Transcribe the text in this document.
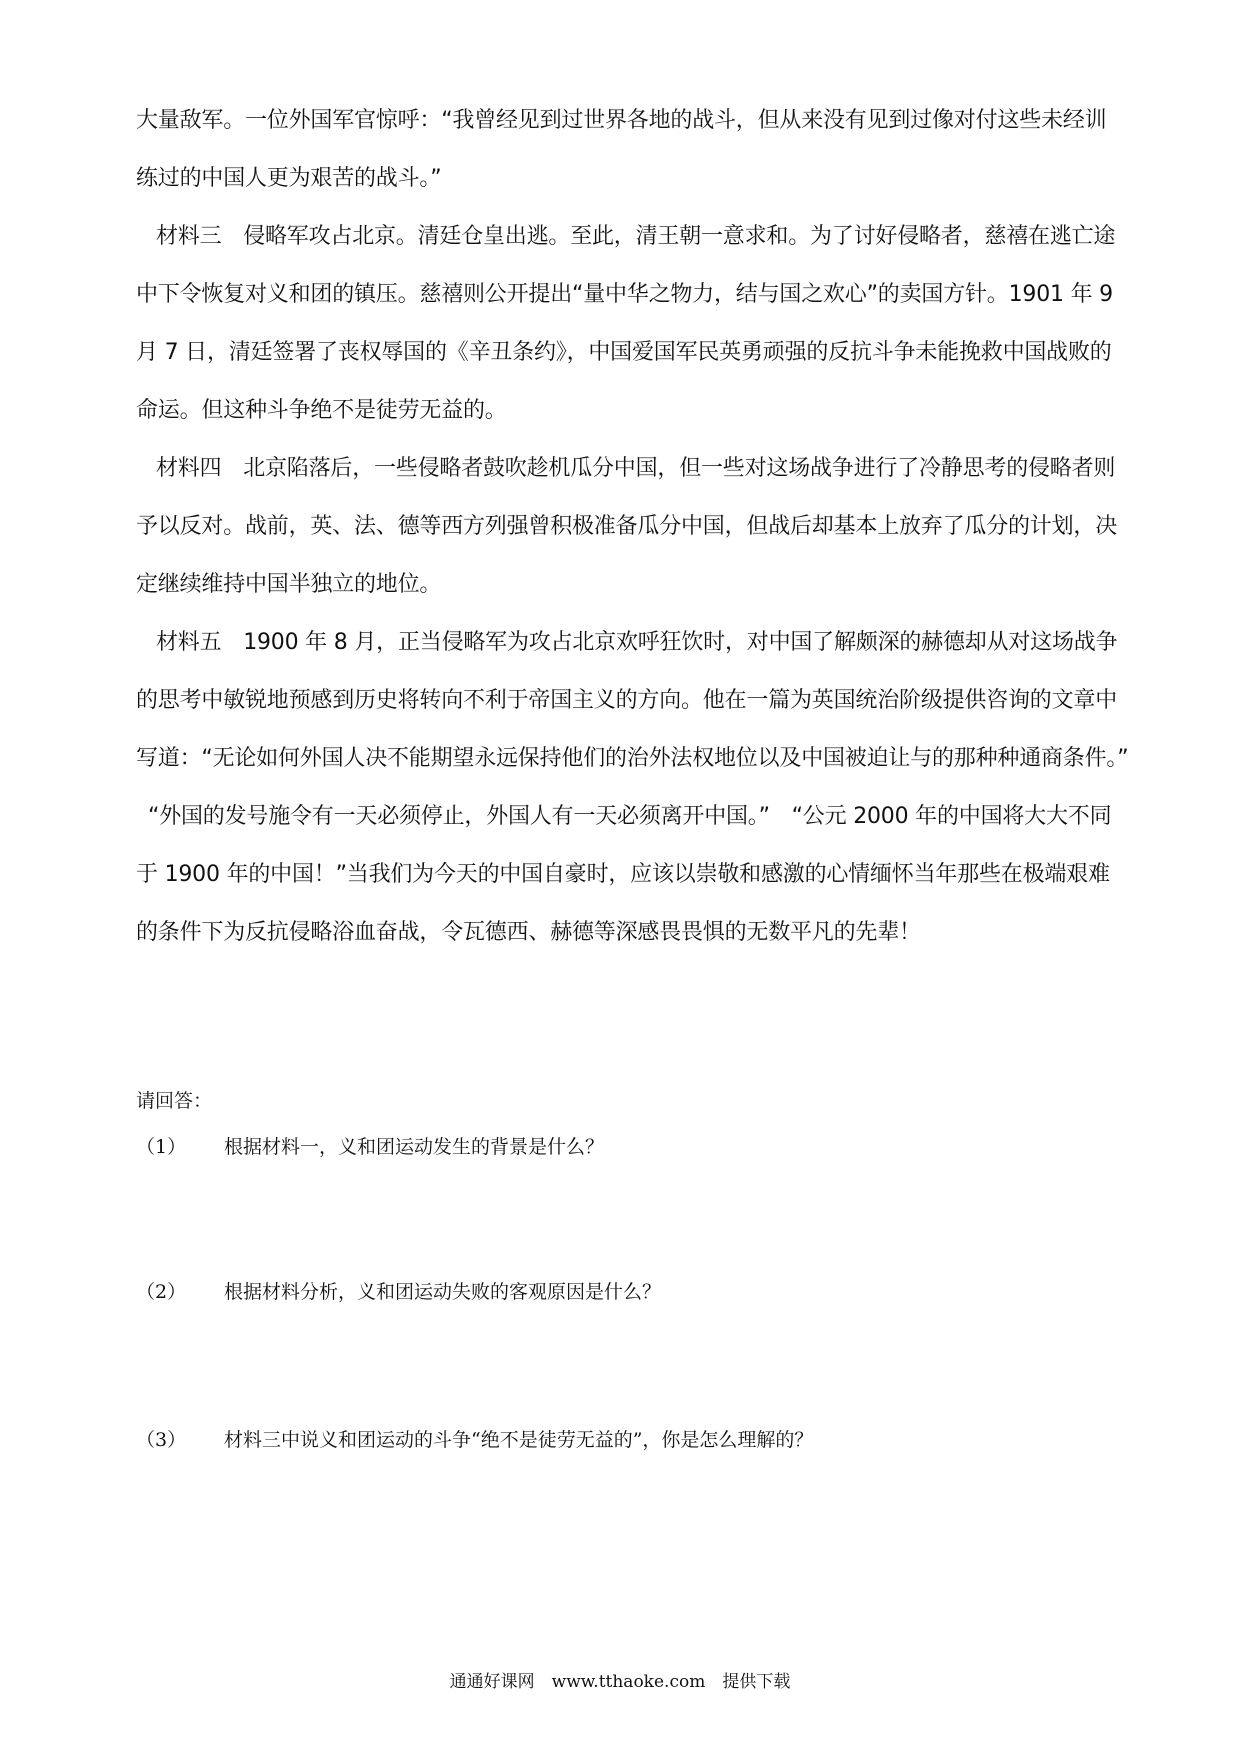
大量敌军。一位外国军官惊呼：“我曾经见到过世界各地的战斗，但从来没有见到过像对付这些未经训
练过的中国人更为艰苦的战斗。”
材料三　侵略军攻占北京。清廷仓皇出逃。至此，清王朝一意求和。为了讨好侵略者，慈禧在逃亡途
中下令恢复对义和团的镇压。慈禧则公开提出“量中华之物力，结与国之欢心”的卖国方针。1901 年 9
月 7 日，清廷签署了丧权辱国的《辛丑条约》，中国爱国军民英勇顽强的反抗斗争未能挽救中国战败的
命运。但这种斗争绝不是徒劳无益的。
材料四　北京陷落后，一些侵略者鼓吹趁机瓜分中国，但一些对这场战争进行了冷静思考的侵略者则
予以反对。战前，英、法、德等西方列强曾积极准备瓜分中国，但战后却基本上放弃了瓜分的计划，决
定继续维持中国半独立的地位。
材料五　1900 年 8 月，正当侵略军为攻占北京欢呼狂饮时，对中国了解颇深的赫德却从对这场战争
的思考中敏锐地预感到历史将转向不利于帝国主义的方向。他在一篇为英国统治阶级提供咨询的文章中
写道：“无论如何外国人决不能期望永远保持他们的治外法权地位以及中国被迫让与的那种种通商条件。”
“外国的发号施令有一天必须停止，外国人有一天必须离开中国。”　“公元 2000 年的中国将大大不同
于 1900 年的中国！”当我们为今天的中国自豪时，应该以崇敬和感激的心情缅怀当年那些在极端艰难
的条件下为反抗侵略浴血奋战，令瓦德西、赫德等深感畏畏惧的无数平凡的先辈！
请回答：
（1） 根据材料一，义和团运动发生的背景是什么？
（2） 根据材料分析，义和团运动失败的客观原因是什么？
（3） 材料三中说义和团运动的斗争“绝不是徒劳无益的”，你是怎么理解的？
通通好课网　www.tthaoke.com　提供下载
